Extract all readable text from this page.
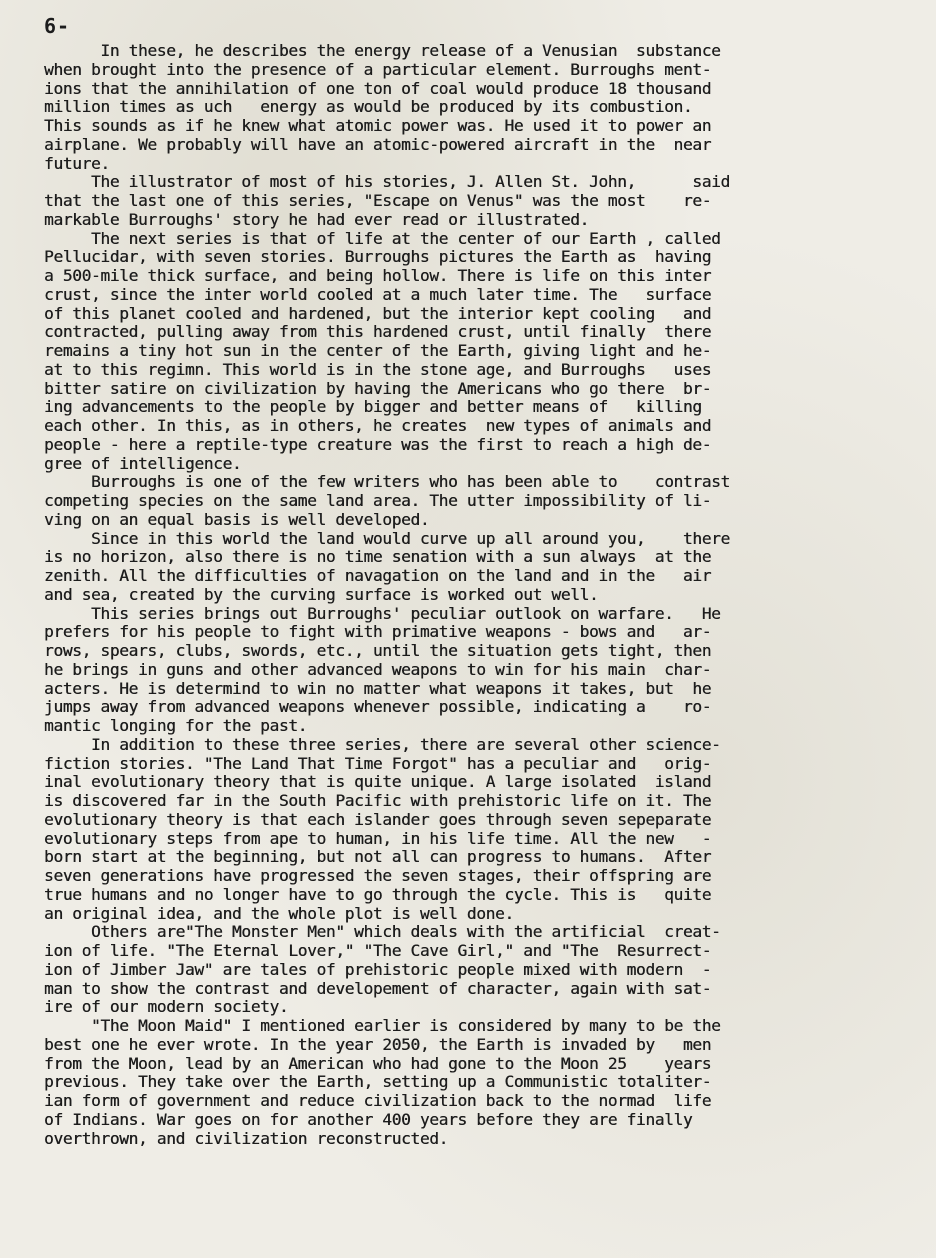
6-
In these, he describes the energy release of a Venusian  substance
when brought into the presence of a particular element. Burroughs ment-
ions that the annihilation of one ton of coal would produce 18 thousand
million times as uch   energy as would be produced by its combustion.
This sounds as if he knew what atomic power was. He used it to power an
airplane. We probably will have an atomic-powered aircraft in the  near
future.
The illustrator of most of his stories, J. Allen St. John,      said
that the last one of this series, "Escape on Venus" was the most    re-
markable Burroughs' story he had ever read or illustrated.
The next series is that of life at the center of our Earth , called
Pellucidar, with seven stories. Burroughs pictures the Earth as  having
a 500-mile thick surface, and being hollow. There is life on this inter
crust, since the inter world cooled at a much later time. The   surface
of this planet cooled and hardened, but the interior kept cooling   and
contracted, pulling away from this hardened crust, until finally  there
remains a tiny hot sun in the center of the Earth, giving light and he-
at to this regimn. This world is in the stone age, and Burroughs   uses
bitter satire on civilization by having the Americans who go there  br-
ing advancements to the people by bigger and better means of   killing
each other. In this, as in others, he creates  new types of animals and
people - here a reptile-type creature was the first to reach a high de-
gree of intelligence.
Burroughs is one of the few writers who has been able to    contrast
competing species on the same land area. The utter impossibility of li-
ving on an equal basis is well developed.
Since in this world the land would curve up all around you,    there
is no horizon, also there is no time senation with a sun always  at the
zenith. All the difficulties of navagation on the land and in the   air
and sea, created by the curving surface is worked out well.
This series brings out Burroughs' peculiar outlook on warfare.   He
prefers for his people to fight with primative weapons - bows and   ar-
rows, spears, clubs, swords, etc., until the situation gets tight, then
he brings in guns and other advanced weapons to win for his main  char-
acters. He is determind to win no matter what weapons it takes, but  he
jumps away from advanced weapons whenever possible, indicating a    ro-
mantic longing for the past.
In addition to these three series, there are several other science-
fiction stories. "The Land That Time Forgot" has a peculiar and   orig-
inal evolutionary theory that is quite unique. A large isolated  island
is discovered far in the South Pacific with prehistoric life on it. The
evolutionary theory is that each islander goes through seven sepeparate
evolutionary steps from ape to human, in his life time. All the new   -
born start at the beginning, but not all can progress to humans.  After
seven generations have progressed the seven stages, their offspring are
true humans and no longer have to go through the cycle. This is   quite
an original idea, and the whole plot is well done.
Others are"The Monster Men" which deals with the artificial  creat-
ion of life. "The Eternal Lover," "The Cave Girl," and "The  Resurrect-
ion of Jimber Jaw" are tales of prehistoric people mixed with modern  -
man to show the contrast and developement of character, again with sat-
ire of our modern society.
"The Moon Maid" I mentioned earlier is considered by many to be the
best one he ever wrote. In the year 2050, the Earth is invaded by   men
from the Moon, lead by an American who had gone to the Moon 25    years
previous. They take over the Earth, setting up a Communistic totaliter-
ian form of government and reduce civilization back to the normad  life
of Indians. War goes on for another 400 years before they are finally
overthrown, and civilization reconstructed.
